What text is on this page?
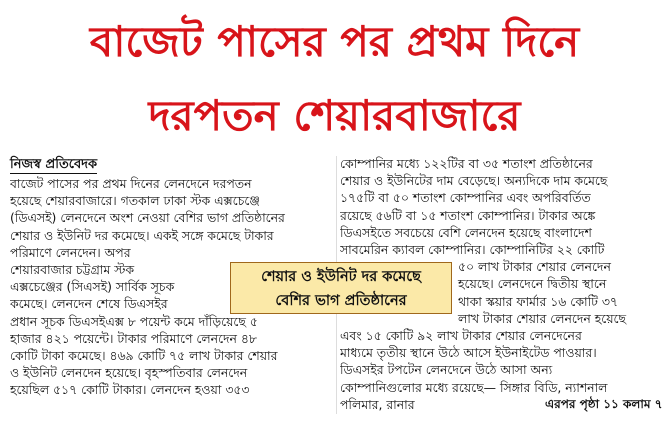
বাজেট পাসের পর প্রথম দিনে
দরপতন শেয়ারবাজারে
নিজস্ব প্রতিবেদক
বাজেট পাসের পর প্রথম দিনের লেনদেনে দরপতন
হয়েছে শেয়ারবাজারে। গতকাল ঢাকা স্টক এক্সচেঞ্জে
(ডিএসই) লেনদেনে অংশ নেওয়া বেশির ভাগ প্রতিষ্ঠানের
শেয়ার ও ইউনিট দর কমেছে। একই সঙ্গে কমেছে টাকার
পরিমাণে লেনদেন। অপর
শেয়ারবাজার চট্টগ্রাম স্টক
এক্সচেঞ্জের (সিএসই) সার্বিক সূচক
কমেছে। লেনদেন শেষে ডিএসইর
প্রধান সূচক ডিএসইএক্স ৮ পয়েন্ট কমে দাঁড়িয়েছে ৫
হাজার ৪২১ পয়েন্টে। টাকার পরিমাণে লেনদেন ৪৮
কোটি টাকা কমেছে। ৪৬৯ কোটি ৭৫ লাখ টাকার শেয়ার
ও ইউনিট লেনদেন হয়েছে। বৃহস্পতিবার লেনদেন
হয়েছিল ৫১৭ কোটি টাকার। লেনদেন হওয়া ৩৫৩
কোম্পানির মধ্যে ১২২টির বা ৩৫ শতাংশ প্রতিষ্ঠানের
শেয়ার ও ইউনিটের দাম বেড়েছে। অন্যদিকে দাম কমেছে
১৭৫টি বা ৫০ শতাংশ কোম্পানির এবং অপরিবর্তিত
রয়েছে ৫৬টি বা ১৫ শতাংশ কোম্পানির। টাকার অঙ্কে
ডিএসইতে সবচেয়ে বেশি লেনদেন হয়েছে বাংলাদেশ
সাবমেরিন ক্যাবল কোম্পানির। কোম্পানিটির ২২ কোটি
৫০ লাখ টাকার শেয়ার লেনদেন
হয়েছে। লেনদেনে দ্বিতীয় স্থানে
থাকা স্কয়ার ফার্মার ১৬ কোটি ৩৭
লাখ টাকার শেয়ার লেনদেন হয়েছে
শেয়ার ও ইউনিট দর কমেছে
বেশির ভাগ প্রতিষ্ঠানের
এবং ১৫ কোটি ৯২ লাখ টাকার শেয়ার লেনদেনের
মাধ্যমে তৃতীয় স্থানে উঠে আসে ইউনাইটেড পাওয়ার।
ডিএসইর টপটেন লেনদেনে উঠে আসা অন্য
কোম্পানিগুলোর মধ্যে রয়েছে— সিঙ্গার বিডি, ন্যাশনাল
পলিমার, রানার	এরপর পৃষ্ঠা ১১ কলাম ৭
